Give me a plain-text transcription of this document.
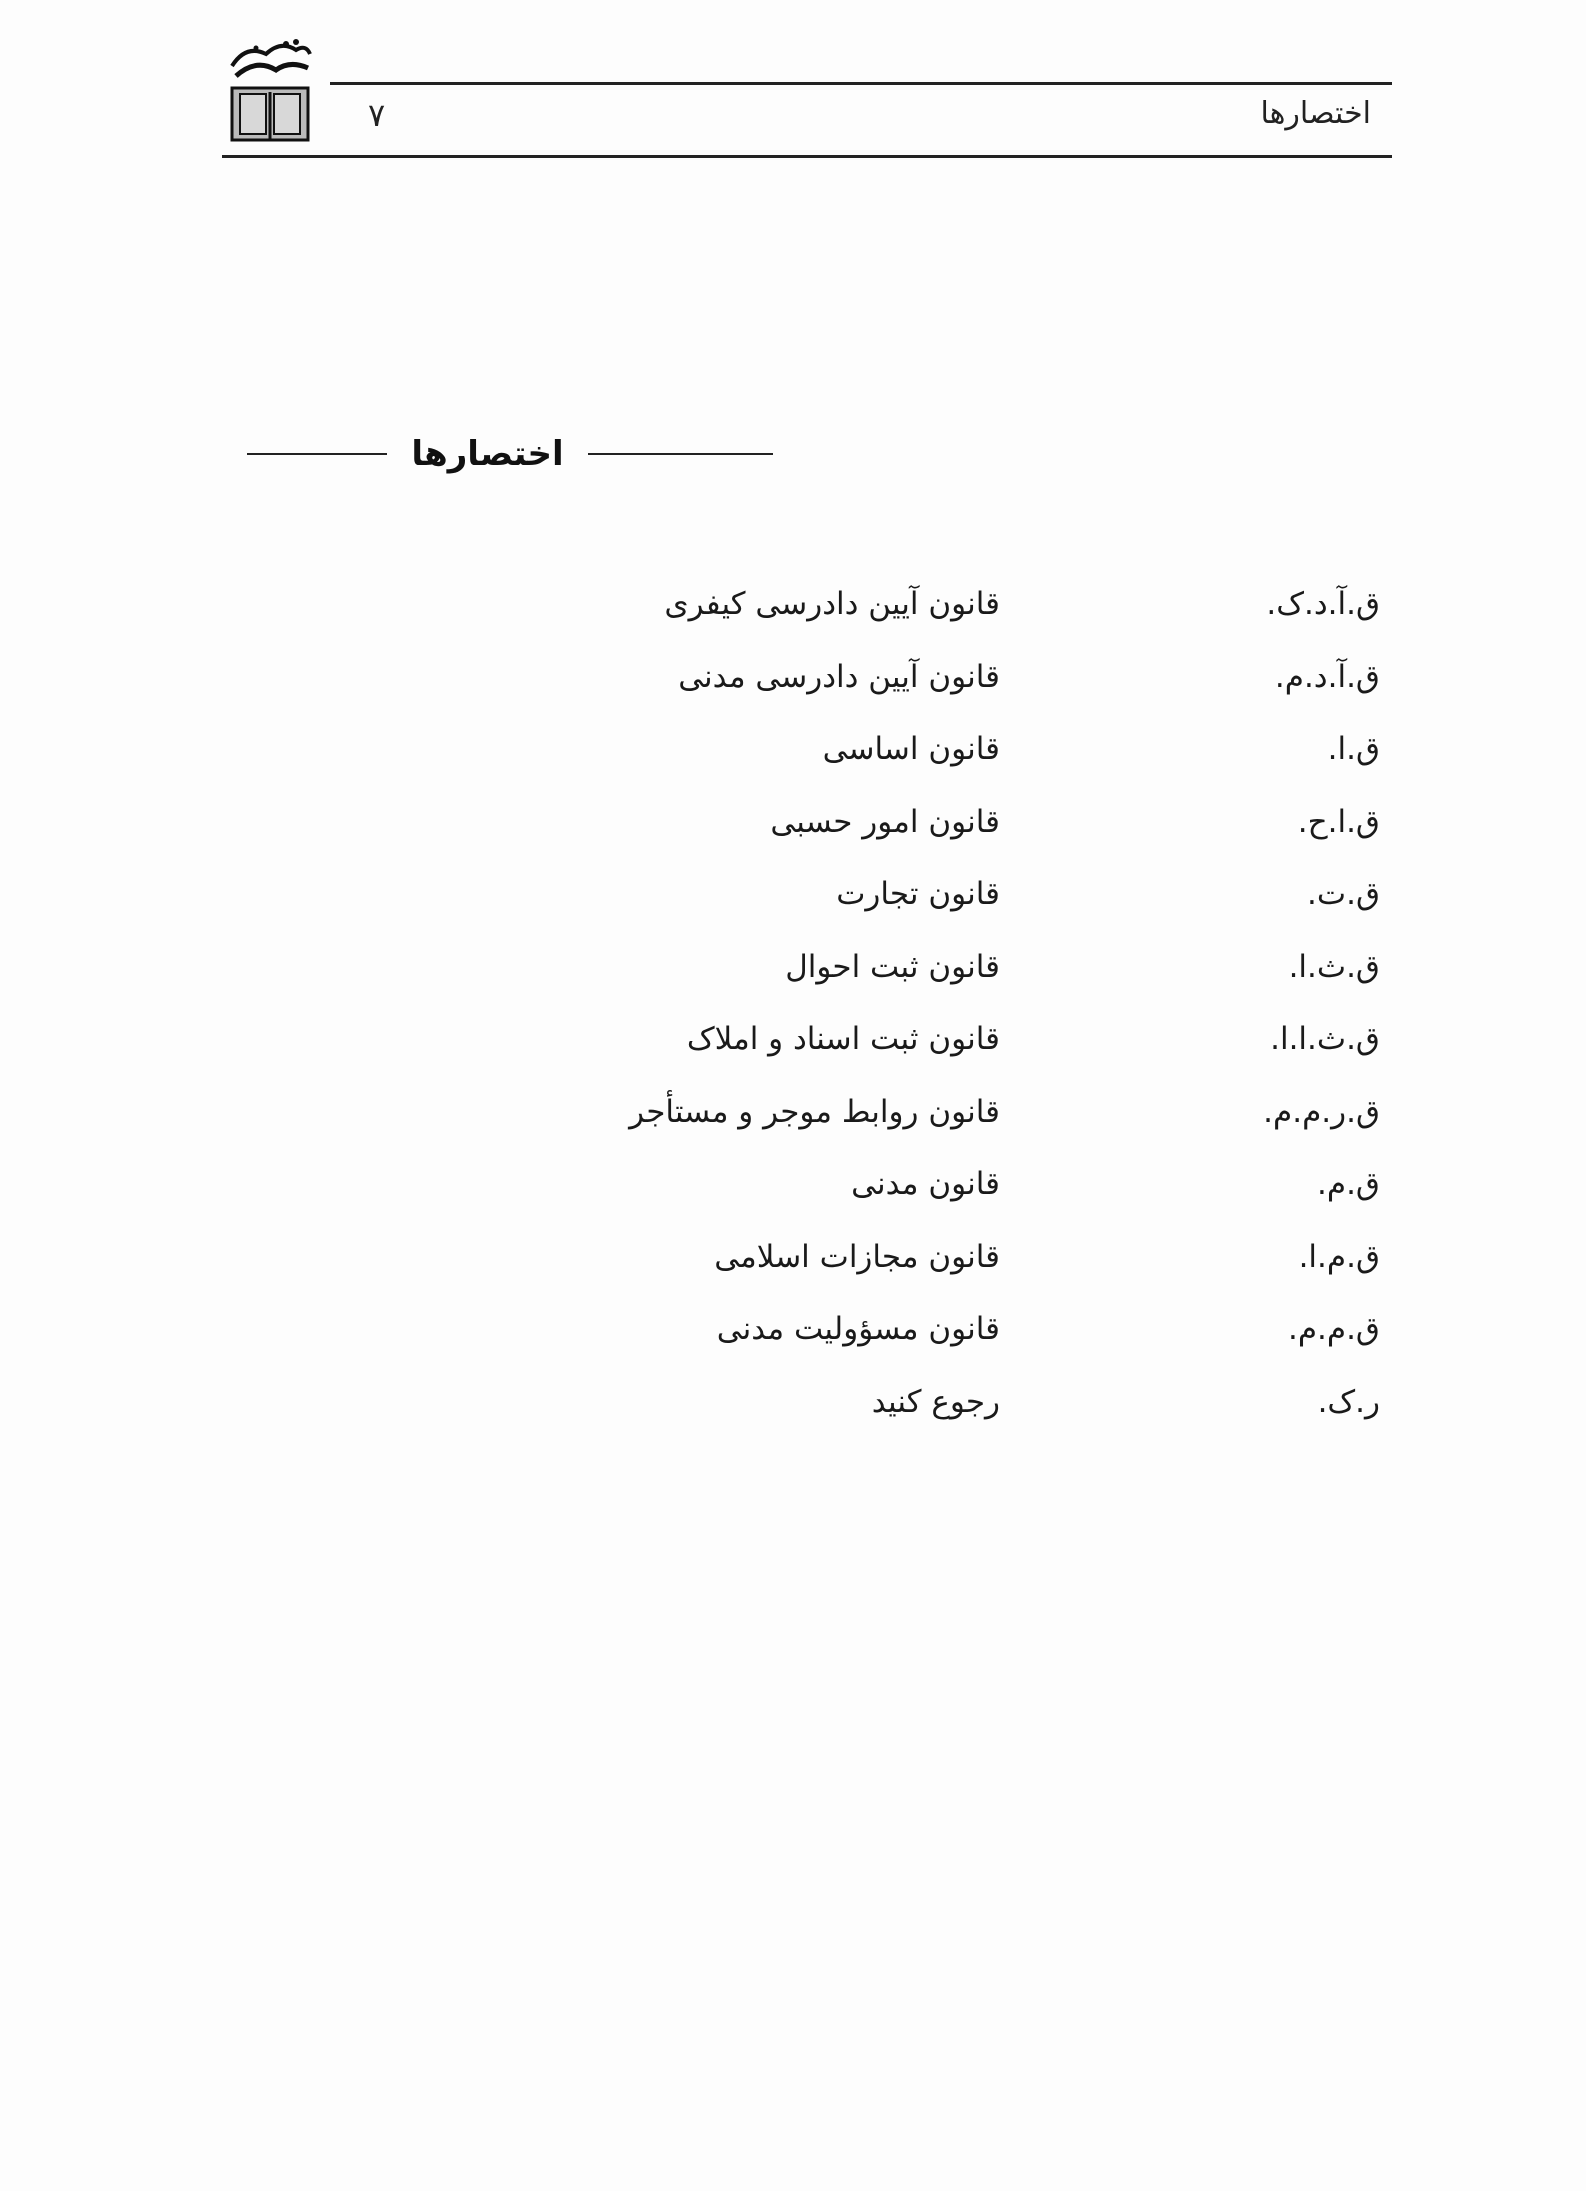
اختصارها
۷
اختصارها
ق.آ.د.ک.
قانون آیین دادرسی کیفری
ق.آ.د.م.
قانون آیین دادرسی مدنی
ق.ا.
قانون اساسی
ق.ا.ح.
قانون امور حسبی
ق.ت.
قانون تجارت
ق.ث.ا.
قانون ثبت احوال
ق.ث.ا.ا.
قانون ثبت اسناد و املاک
ق.ر.م.م.
قانون روابط موجر و مستأجر
ق.م.
قانون مدنی
ق.م.ا.
قانون مجازات اسلامی
ق.م.م.
قانون مسؤولیت مدنی
ر.ک.
رجوع کنید
